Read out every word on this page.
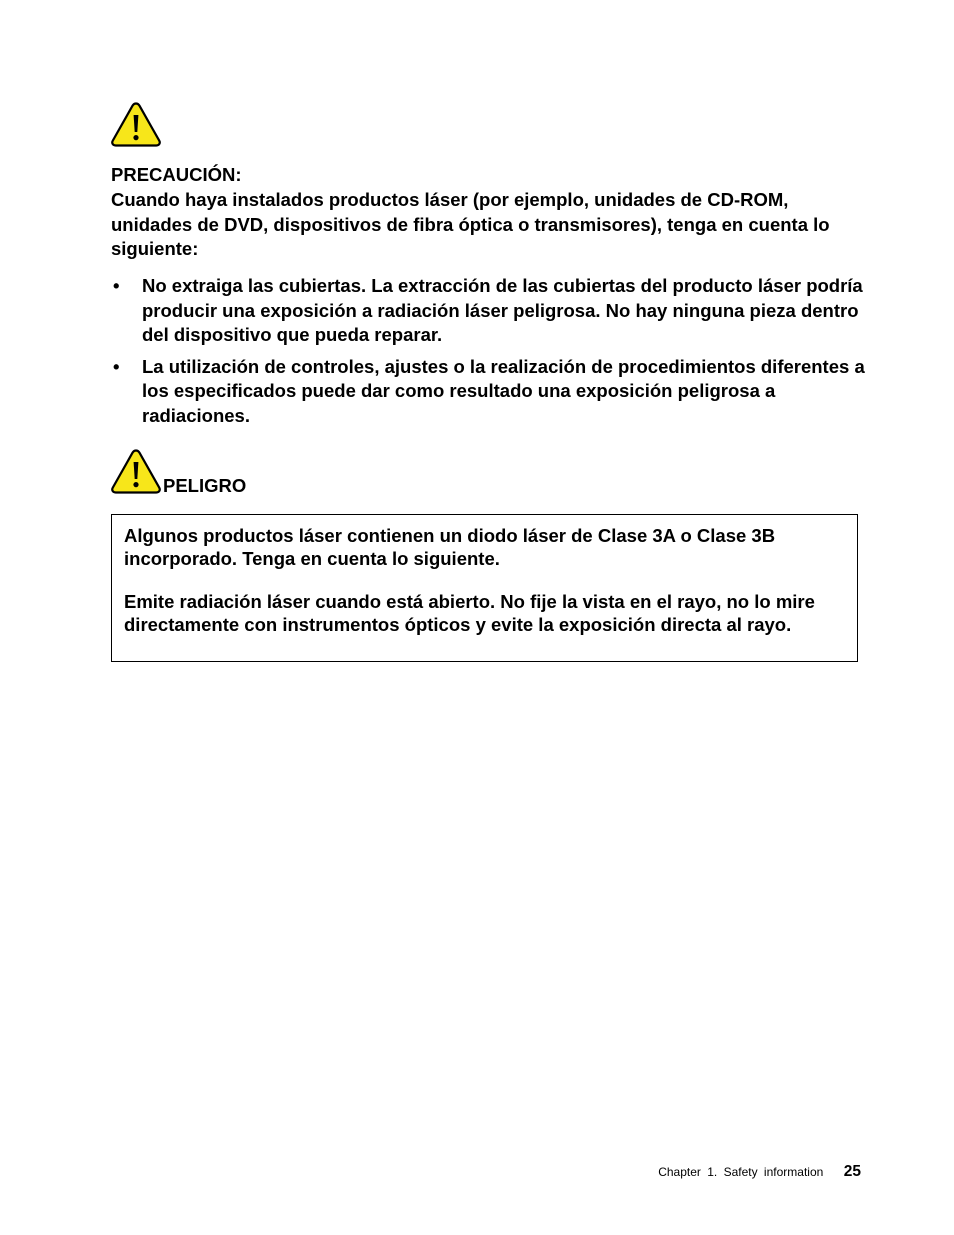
PRECAUCIÓN:

Cuando haya instalados productos láser (por ejemplo, unidades de CD-ROM, unidades de DVD, dispositivos de fibra óptica o transmisores), tenga en cuenta lo siguiente:

• No extraiga las cubiertas. La extracción de las cubiertas del producto láser podría producir una exposición a radiación láser peligrosa. No hay ninguna pieza dentro del dispositivo que pueda reparar.
• La utilización de controles, ajustes o la realización de procedimientos diferentes a los especificados puede dar como resultado una exposición peligrosa a radiaciones.

PELIGRO

Algunos productos láser contienen un diodo láser de Clase 3A o Clase 3B incorporado. Tenga en cuenta lo siguiente.

Emite radiación láser cuando está abierto. No fije la vista en el rayo, no lo mire directamente con instrumentos ópticos y evite la exposición directa al rayo.

Chapter 1. Safety information 25
